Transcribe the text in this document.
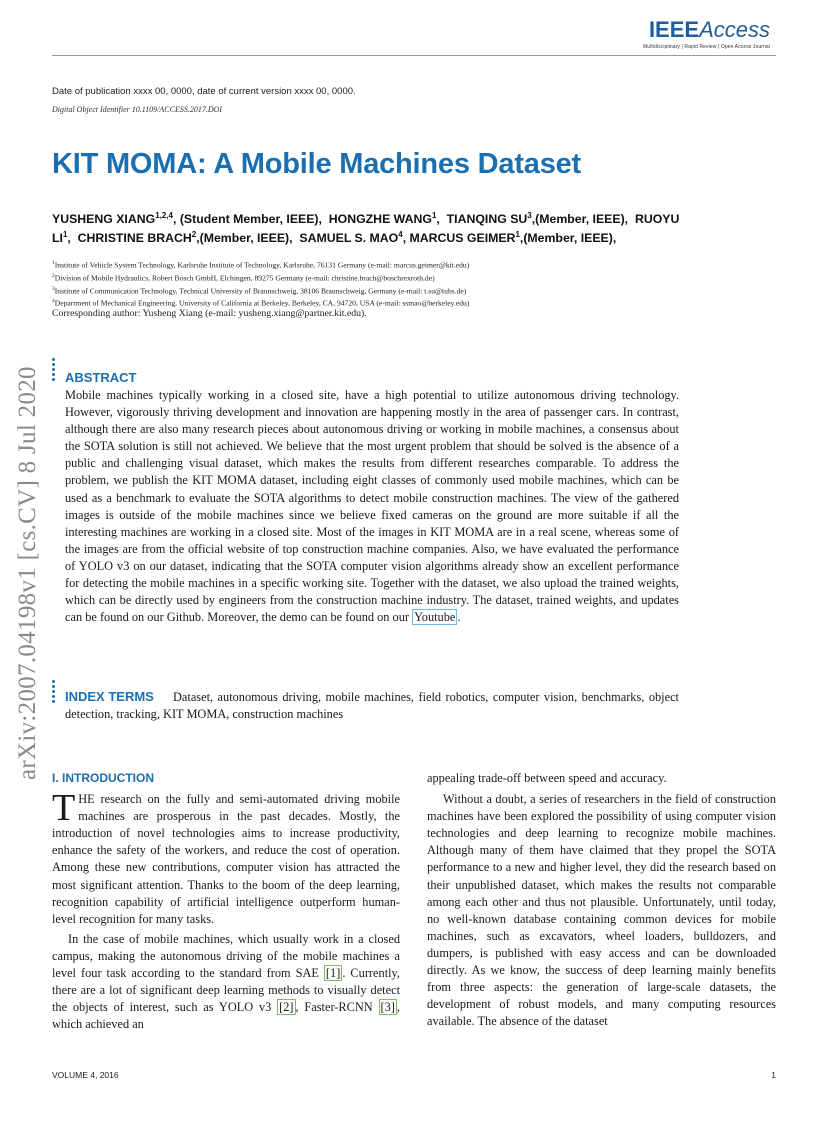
IEEEAccess
Multidisciplinary | Rapid Review | Open Access Journal
Date of publication xxxx 00, 0000, date of current version xxxx 00, 0000.
Digital Object Identifier 10.1109/ACCESS.2017.DOI
KIT MOMA: A Mobile Machines Dataset
YUSHENG XIANG$^{1,2,4}$, (Student Member, IEEE), HONGZHE WANG$^1$, TIANQING $SU^3,(Member$, IEEE), RUOYU $LI^1$, CHRISTINE BRACH$^2$,(Member, IEEE), SAMUEL S. MAO$^4$, MARCUS GEIMER$^1$,(Member, IEEE),
$^1$Institute of Vehicle System Technology, Karlsruhe Institute of Technology, Karlsruhe, 76131 Germany (e-mail: marcus.geimer@kit.edu)
$^2$Division of Mobile Hydraulics, Robert Bosch GmbH, Elchingen, 89275 Germany (e-mail: christine.brach@boschrexroth.de)
$^3$Institute of Communication Technology, Technical University of Braunschweig, 38106 Braunschweig, Germany (e-mail: t.su@tubs.de)
$^4$Department of Mechanical Engineering, University of California at Berkeley, Berkeley, CA, 94720, USA (e-mail: ssmao@berkeley.edu)
Corresponding author: Yusheng Xiang (e-mail: yusheng.xiang@partner.kit.edu).
arXiv:2007.04198v1 [cs.CV] 8 Jul 2020 ABSTRACT
Mobile machines typically working in a closed site, have a high potential to utilize autonomous driving technology. However, vigorously thriving development and innovation are happening mostly in the area of passenger cars. In contrast, although there are also many research pieces about autonomous driving or working in mobile machines, a consensus about the SOTA solution is still not achieved. We believe that the most urgent problem that should be solved is the absence of a public and challenging visual dataset, which makes the results from different researches comparable. To address the problem, we publish the KIT MOMA dataset, including eight classes of commonly used mobile machines, which can be used as a benchmark to evaluate the SOTA algorithms to detect mobile construction machines. The view of the gathered images is outside of the mobile machines since we believe fixed cameras on the ground are more suitable if all the interesting machines are working in a closed site. Most of the images in KIT MOMA are in a real scene, whereas some of the images are from the official website of top construction machine companies. Also, we have evaluated the performance of YOLO v3 on our dataset, indicating that the SOTA computer vision algorithms already show an excellent performance for detecting the mobile machines in a specific working site. Together with the dataset, we also upload the trained weights, which can be directly used by engineers from the construction machine industry. The dataset, trained weights, and updates can be found on our Github. Moreover, the demo can be found on our Youtube .
INDEX TERMS	Dataset, autonomous driving, mobile machines, field robotics, computer vision, benchmarks, object detection, tracking, KIT MOMA, construction machines
I. INTRODUCTION

THE research on the fully and semi-automated driving mobile machines are prosperous in the past decades. Mostly, the introduction of novel technologies aims to increase productivity, enhance the safety of the workers, and reduce the cost of operation. Among these new contributions, computer vision has attracted the most significant attention. Thanks to the boom of the deep learning, recognition capability of artificial intelligence outperform human-level recognition for many tasks.

In the case of mobile machines, which usually work in a closed campus, making the autonomous driving of the mobile machines a level four task according to the standard from SAE [1] . Currently, there are a lot of significant deep learning methods to visually detect the objects of interest, such as YOLO v3 [2] , Faster-RCNN [3] , which achieved an

appealing trade-off between speed and accuracy.

Without a doubt, a series of researchers in the field of construction machines have been explored the possibility of using computer vision technologies and deep learning to recognize mobile machines. Although many of them have claimed that they propel the SOTA performance to a new and higher level, they did the research based on their unpublished dataset, which makes the results not comparable among each other and thus not plausible. Unfortunately, until today, no well-known database containing common devices for mobile machines, such as excavators, wheel loaders, bulldozers, and dumpers, is published with easy access and can be downloaded directly. As we know, the success of deep learning mainly benefits from three aspects: the generation of large-scale datasets, the development of robust models, and many computing resources available. The absence of the dataset

VOLUME 4, 2016	1
